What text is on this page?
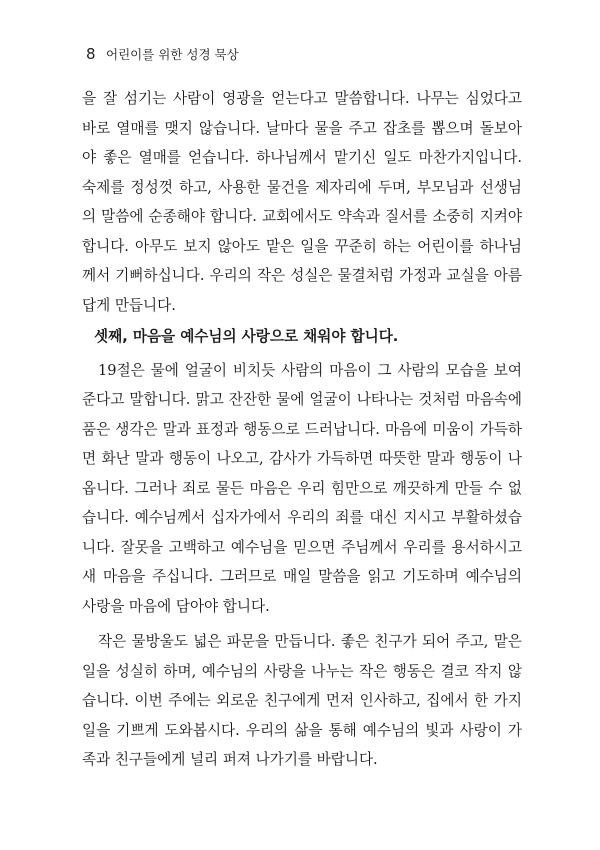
8 어린이를 위한 성경 묵상

을 잘 섬기는 사람이 영광을 얻는다고 말씀합니다. 나무는 심었다고 바로 열매를 맺지 않습니다. 날마다 물을 주고 잡초를 뽑으며 돌보아야 좋은 열매를 얻습니다. 하나님께서 맡기신 일도 마찬가지입니다. 숙제를 정성껏 하고, 사용한 물건을 제자리에 두며, 부모님과 선생님의 말씀에 순종해야 합니다. 교회에서도 약속과 질서를 소중히 지켜야 합니다. 아무도 보지 않아도 맡은 일을 꾸준히 하는 어린이를 하나님께서 기뻐하십니다. 우리의 작은 성실은 물결처럼 가정과 교실을 아름답게 만듭니다.

셋째, 마음을 예수님의 사랑으로 채워야 합니다.

19절은 물에 얼굴이 비치듯 사람의 마음이 그 사람의 모습을 보여 준다고 말합니다. 맑고 잔잔한 물에 얼굴이 나타나는 것처럼 마음속에 품은 생각은 말과 표정과 행동으로 드러납니다. 마음에 미움이 가득하면 화난 말과 행동이 나오고, 감사가 가득하면 따뜻한 말과 행동이 나옵니다. 그러나 죄로 물든 마음은 우리 힘만으로 깨끗하게 만들 수 없습니다. 예수님께서 십자가에서 우리의 죄를 대신 지시고 부활하셨습니다. 잘못을 고백하고 예수님을 믿으면 주님께서 우리를 용서하시고 새 마음을 주십니다. 그러므로 매일 말씀을 읽고 기도하며 예수님의 사랑을 마음에 담아야 합니다.

작은 물방울도 넓은 파문을 만듭니다. 좋은 친구가 되어 주고, 맡은 일을 성실히 하며, 예수님의 사랑을 나누는 작은 행동은 결코 작지 않습니다. 이번 주에는 외로운 친구에게 먼저 인사하고, 집에서 한 가지 일을 기쁘게 도와봅시다. 우리의 삶을 통해 예수님의 빛과 사랑이 가족과 친구들에게 널리 퍼져 나가기를 바랍니다.
